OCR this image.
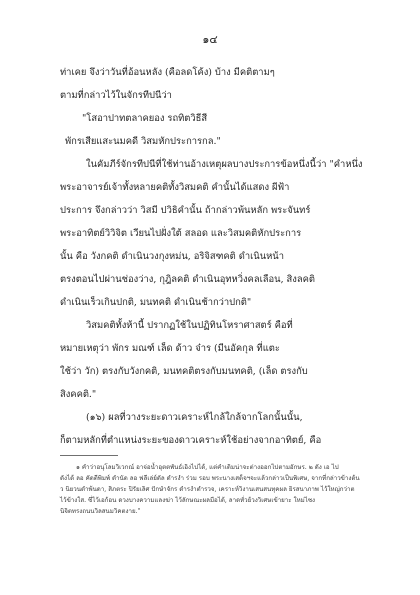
๑๔
ท่าเคย จึงว่าวันที่อ้อนหลัง (คือลดโค้ง) บ้าง มีคติตามๆ
ตามที่กล่าวไว้ในจักรทีปนีว่า
"โสอาปาทตลาคยอง รถทิตวิธีสี
พักรเสียแสะนมคดี วิสมหักประการกล."
ในคัมภีร์จักรทีปนีที่ใช้ท่านอ้างเหตุผลบางประการข้อหนึ่งนี้ว่า "คำหนึ่ง
พระอาจารย์เจ้าทั้งหลายคติทั้งวิสมคติ คำนั้นได้แสดง ผีฟ้า
ประการ จึงกล่าวว่า วิสมี ปวิธิคำนั้น ถ้ากล่าวพ้นหลัก พระจันทร์
พระอาทิตย์วิวิจิต เวียนไปฝั่งใต้ สลอด และวิสมคติหักประการ
นั้น คือ วังกคติ ดำเนินวงกุงหม่น, อริจิสฑคติ ดำเนินหน้า
ตรงตอนไปผ่านช่องว่าง, กุฎิลคติ ดำเนินอุทหวิ่งคลเลือน, สิงลคติ
ดำเนินเร็วเกินปกติ, มนทคติ ดำเนินช้ากว่าปกติ"
วิสมคติทั้งห้านี้ ปรากฏใช้ในปฏิทินโหราศาสตร์ คือที่
หมายเหตุว่า พักร มณฑ์ เล็ด ด้าว จ๋าร (มีนอัคกุล ที่แตะ
ใช้ว่า วัก) ตรงกับวังกคติ, มนทคติตรงกับมนทคติ, (เล็ด ตรงกับ
สิงคคติ."
(๑๖) ผลที่วางระยะดาวเคราะห์ไกล้ใกล้จากโลกนั้นนั้น,
ก็ตามหลักที่ตำแหน่งระยะของดาวเคราะห์ใช้อย่างจากอาทิตย์, คือ
๑ คำว่าอนุโลมวิเวกณ์ อาจ่อน้ำอุตตพันธ์เอิงไปได้, แต่คำเดิมน่าจะต่างออกไปตามอักษร. ๒ ดัง เอ ไป
ดังได้ ลอ คัดตีพิมพ์ ดำนัด ลอ ฟลีเล่ย์ดัล ดำรงำ ร่วม รอบ พระนางเสด็จฯจะแล้วกล่าวเป็นพิเศษ, จากที่กล่าวข้างต้น
ว นิยวนดำพ้นดา, สิภตระ ปิรัยเลิศ ปักษำจักร ดำรงำตำรวจ, เคราะห์วิงานเสนสนทุคผล ยิรสนาภาพ ไว้ใหญ่กว่าต
ไว้ข้างใส. ซึ่ไว้เอก้อน ดวงบางความแลงฆ่า ไว้ลักษณะผลมือได้, ลาดทั่วย้วงวิเศษเข้ายาะ ใหม่ไซง
นิจิตทรงถนนวิลสนมวิคตงาย."
